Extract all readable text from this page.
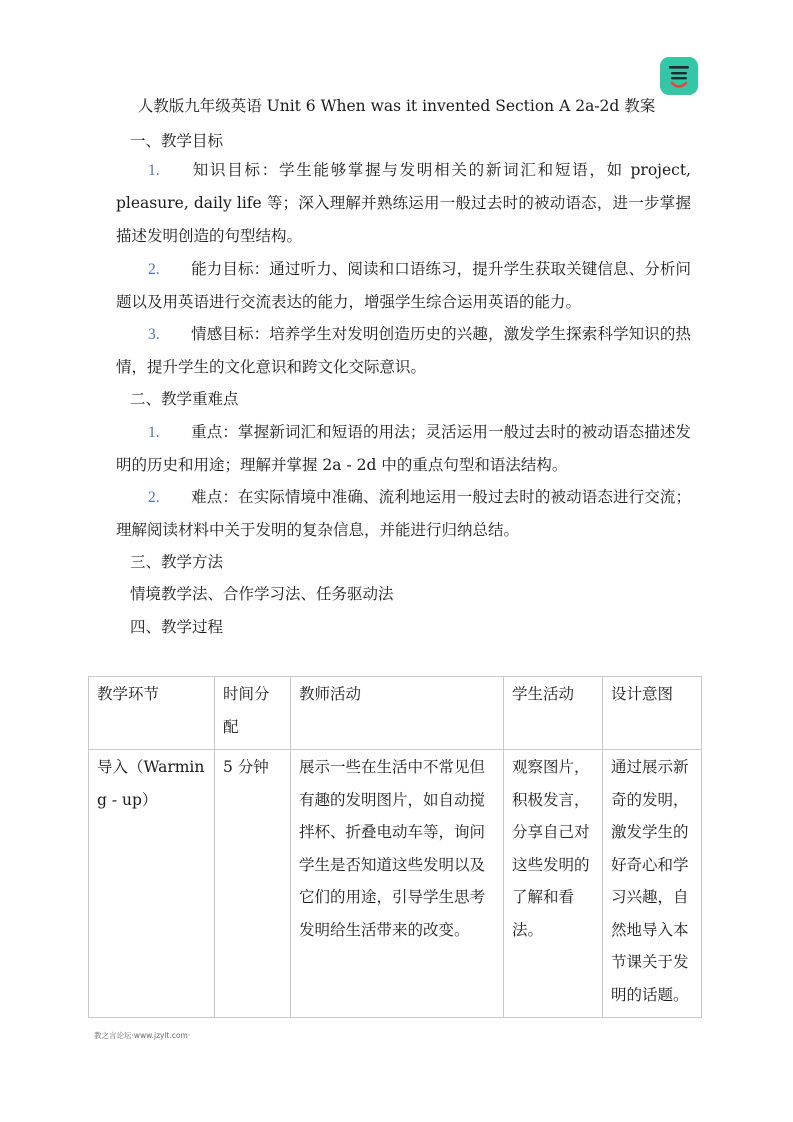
人教版九年级英语 Unit 6 When was it invented Section A 2a-2d 教案
一、教学目标
1. 知识目标：学生能够掌握与发明相关的新词汇和短语，如 project, pleasure, daily life 等；深入理解并熟练运用一般过去时的被动语态，进一步掌握描述发明创造的句型结构。
2. 能力目标：通过听力、阅读和口语练习，提升学生获取关键信息、分析问题以及用英语进行交流表达的能力，增强学生综合运用英语的能力。
3. 情感目标：培养学生对发明创造历史的兴趣，激发学生探索科学知识的热情，提升学生的文化意识和跨文化交际意识。
二、教学重难点
1. 重点：掌握新词汇和短语的用法；灵活运用一般过去时的被动语态描述发明的历史和用途；理解并掌握 2a - 2d 中的重点句型和语法结构。
2. 难点：在实际情境中准确、流利地运用一般过去时的被动语态进行交流；理解阅读材料中关于发明的复杂信息，并能进行归纳总结。
三、教学方法
情境教学法、合作学习法、任务驱动法
四、教学过程
教学环节	时间分配	教师活动	学生活动	设计意图
导入（Warming - up）	5 分钟	展示一些在生活中不常见但有趣的发明图片，如自动搅拌杯、折叠电动车等，询问学生是否知道这些发明以及它们的用途，引导学生思考发明给生活带来的改变。	观察图片，积极发言，分享自己对这些发明的了解和看法。	通过展示新奇的发明，激发学生的好奇心和学习兴趣，自然地导入本节课关于发明的话题。
教之言论坛·www.jzylt.com·
